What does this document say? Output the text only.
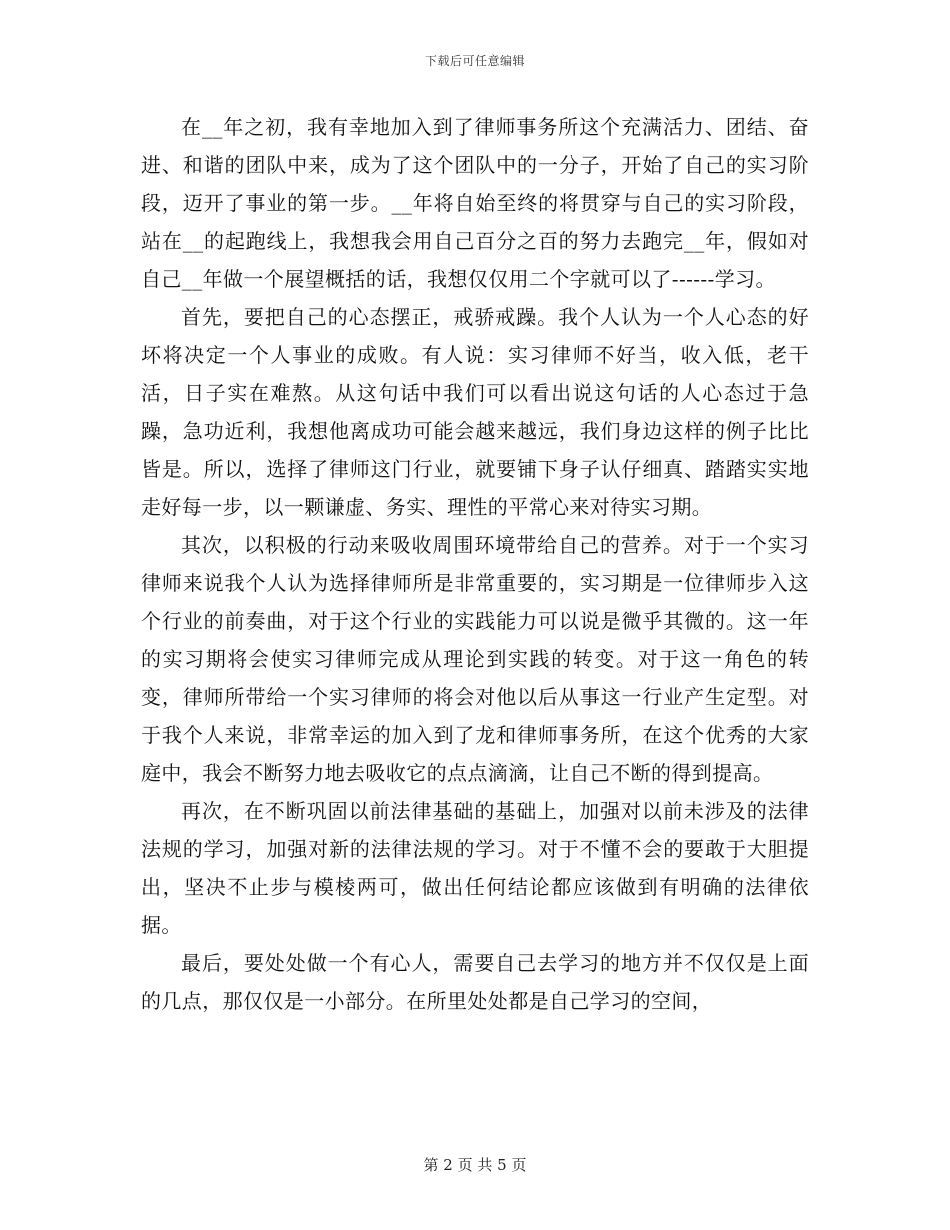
下载后可任意编辑

在__年之初，我有幸地加入到了律师事务所这个充满活力、团结、奋进、和谐的团队中来，成为了这个团队中的一分子，开始了自己的实习阶段，迈开了事业的第一步。__年将自始至终的将贯穿与自己的实习阶段，站在__的起跑线上，我想我会用自己百分之百的努力去跑完__年，假如对自己__年做一个展望概括的话，我想仅仅用二个字就可以了------学习。

首先，要把自己的心态摆正，戒骄戒躁。我个人认为一个人心态的好坏将决定一个人事业的成败。有人说：实习律师不好当，收入低，老干活，日子实在难熬。从这句话中我们可以看出说这句话的人心态过于急躁，急功近利，我想他离成功可能会越来越远，我们身边这样的例子比比皆是。所以，选择了律师这门行业，就要铺下身子认仔细真、踏踏实实地走好每一步，以一颗谦虚、务实、理性的平常心来对待实习期。

其次，以积极的行动来吸收周围环境带给自己的营养。对于一个实习律师来说我个人认为选择律师所是非常重要的，实习期是一位律师步入这个行业的前奏曲，对于这个行业的实践能力可以说是微乎其微的。这一年的实习期将会使实习律师完成从理论到实践的转变。对于这一角色的转变，律师所带给一个实习律师的将会对他以后从事这一行业产生定型。对于我个人来说，非常幸运的加入到了龙和律师事务所，在这个优秀的大家庭中，我会不断努力地去吸收它的点点滴滴，让自己不断的得到提高。

再次，在不断巩固以前法律基础的基础上，加强对以前未涉及的法律法规的学习，加强对新的法律法规的学习。对于不懂不会的要敢于大胆提出，坚决不止步与模棱两可，做出任何结论都应该做到有明确的法律依据。

最后，要处处做一个有心人，需要自己去学习的地方并不仅仅是上面的几点，那仅仅是一小部分。在所里处处都是自己学习的空间，

第 2 页 共 5 页
